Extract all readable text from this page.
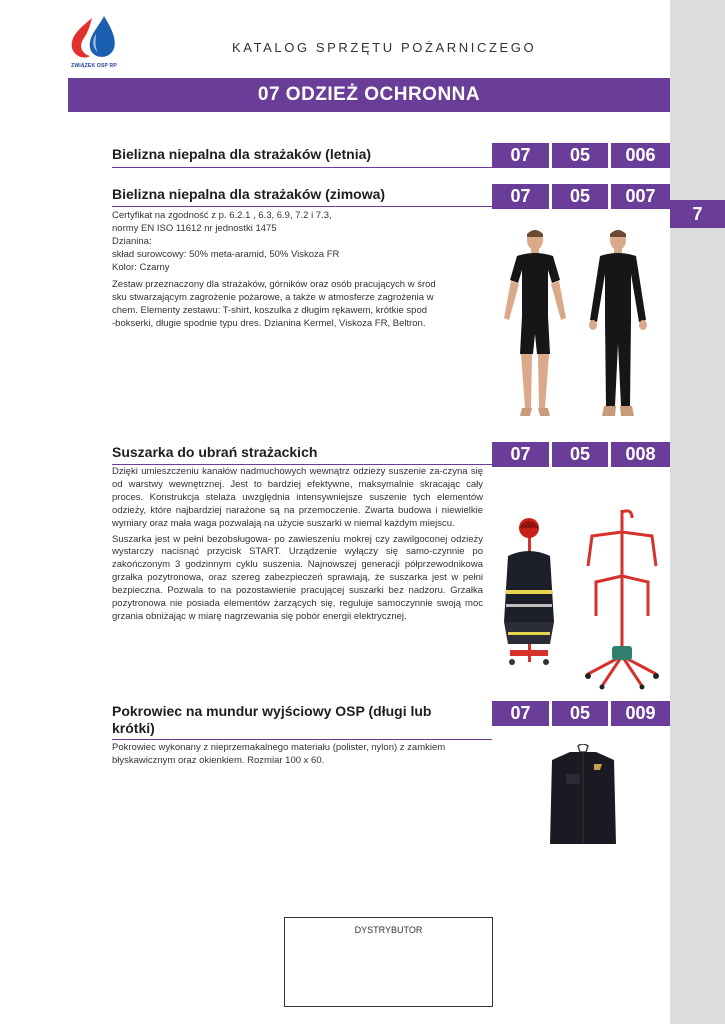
7
ZWIĄZEK OSP RP
KATALOG SPRZĘTU POŻARNICZEGO
07 ODZIEŻ OCHRONNA
Bielizna niepalna dla strażaków (letnia)	07	05	006
Bielizna niepalna dla strażaków (zimowa)	07	05	007
Certyfikat na zgodność z p. 6.2.1 , 6.3, 6.9, 7.2 i 7.3,
normy EN ISO 11612 nr jednostki 1475
Dzianina:
skład surowcowy: 50% meta-aramid, 50% Viskoza FR
Kolor: Czarny
Zestaw przeznaczony dla strażaków, górników oraz osób pracujących w środ
sku stwarzającym zagrożenie pożarowe, a także w atmosferze zagrożenia w
chem. Elementy zestawu: T-shirt, koszulka z długim rękawem, krótkie spod
-bokserki, długie spodnie typu dres. Dzianina Kermel, Viskoza FR, Beltron.
Suszarka do ubrań strażackich	07	05	008

Dzięki umieszczeniu kanałów nadmuchowych wewnątrz odzieży suszenie za-czyna się od warstwy wewnętrznej. Jest to bardziej efektywne, maksymalnie skracając cały proces. Konstrukcja stelaża uwzględnia intensywniejsze suszenie tych elementów odzieży, które najbardziej narażone są na przemoczenie. Zwarta budowa i niewielkie wymiary oraz mała waga pozwalają na użycie suszarki w niemal każdym miejscu.

Suszarka jest w pełni bezobsługowa- po zawieszeniu mokrej czy zawilgoconej odzieży wystarczy nacisnąć przycisk START. Urządzenie wyłączy się samo-czynnie po zakończonym 3 godzinnym cyklu suszenia. Najnowszej generacji półprzewodnikowa grzałka pozytronowa, oraz szereg zabezpieczeń sprawiają, że suszarka jest w pełni bezpieczna. Pozwala to na pozostawienie pracującej suszarki bez nadzoru. Grzałka pozytronowa nie posiada elementów żarzących się, reguluje samoczynnie swoją moc grzania obniżając w miarę nagrzewania się pobór energii elektrycznej.

Pokrowiec na mundur wyjściowy OSP (długi lub krótki)
07	05	009
Pokrowiec wykonany z nieprzemakalnego materiału (polister, nylon) z zamkiem
błyskawicznym oraz okienkiem. Rozmiar 100 x 60.
DYSTRYBUTOR
